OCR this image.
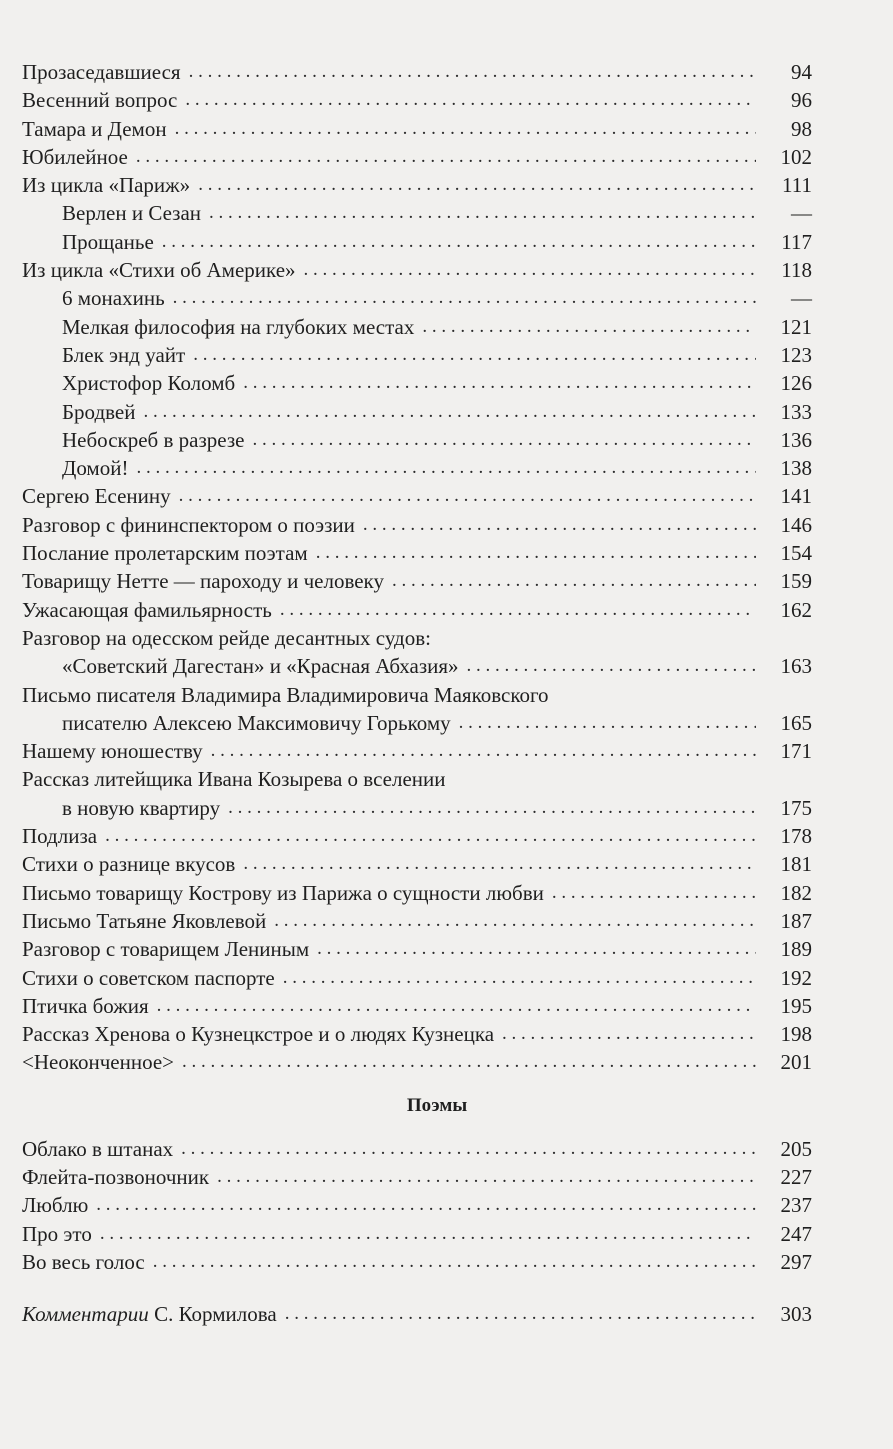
Прозаседавшиеся . . .	94
Весенний вопрос . . .	96
Тамара и Демон . . .	98
Юбилейное . . .	102
Из цикла «Париж» . . .	111
Верлен и Сезан . . .	—
Прощанье . . .	117
Из цикла «Стихи об Америке» . . .	118
6 монахинь . . .	—
Мелкая философия на глубоких местах . . .	121
Блек энд уайт . . .	123
Христофор Коломб . . .	126
Бродвей . . .	133
Небоскреб в разрезе . . .	136
Домой! . . .	138
Сергею Есенину . . .	141
Разговор с фининспектором о поэзии . . .	146
Послание пролетарским поэтам . . .	154
Товарищу Нетте — пароходу и человеку . . .	159
Ужасающая фамильярность . . .	162
Разговор на одесском рейде десантных судов:
«Советский Дагестан» и «Красная Абхазия» . . .	163
Письмо писателя Владимира Владимировича Маяковского
писателю Алексею Максимовичу Горькому . . .	165
Нашему юношеству . . .	171
Рассказ литейщика Ивана Козырева о вселении
в новую квартиру . . .	175
Подлиза . . .	178
Стихи о разнице вкусов . . .	181
Письмо товарищу Кострову из Парижа о сущности любви . . .	182
Письмо Татьяне Яковлевой . . .	187
Разговор с товарищем Лениным . . .	189
Стихи о советском паспорте . . .	192
Птичка божия . . .	195
Рассказ Хренова о Кузнецкстрое и о людях Кузнецка . . .	198
<Неоконченное> . . .	201
Поэмы
Облако в штанах . . .	205
Флейта-позвоночник . . .	227
Люблю . . .	237
Про это . . .	247
Во весь голос . . .	297
Комментарии С. Кормилова . . .	303
